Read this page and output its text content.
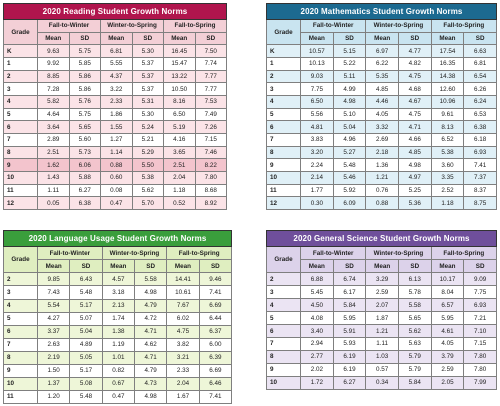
2020 Reading Student Growth Norms						
Grade	Fall-to-Winter		Winter-to-Spring		Fall-to-Spring	
	Mean	SD	Mean	SD	Mean	SD
K	9.63	5.75	6.81	5.30	16.45	7.50
1	9.92	5.85	5.55	5.37	15.47	7.74
2	8.85	5.86	4.37	5.37	13.22	7.77
3	7.28	5.86	3.22	5.37	10.50	7.77
4	5.82	5.76	2.33	5.31	8.16	7.53
5	4.64	5.75	1.86	5.30	6.50	7.49
6	3.64	5.65	1.55	5.24	5.19	7.26
7	2.89	5.60	1.27	5.21	4.16	7.15
8	2.51	5.73	1.14	5.29	3.65	7.46
9	1.62	6.06	0.88	5.50	2.51	8.22
10	1.43	5.88	0.60	5.38	2.04	7.80
11	1.11	6.27	0.08	5.62	1.18	8.68
12	0.05	6.38	0.47	5.70	0.52	8.92
2020 Mathematics Student Growth Norms						
Grade	Fall-to-Winter		Winter-to-Spring		Fall-to-Spring	
	Mean	SD	Mean	SD	Mean	SD
K	10.57	5.15	6.97	4.77	17.54	6.63
1	10.13	5.22	6.22	4.82	16.35	6.81
2	9.03	5.11	5.35	4.75	14.38	6.54
3	7.75	4.99	4.85	4.68	12.60	6.26
4	6.50	4.98	4.46	4.67	10.96	6.24
5	5.56	5.10	4.05	4.75	9.61	6.53
6	4.81	5.04	3.32	4.71	8.13	6.38
7	3.83	4.96	2.69	4.66	6.52	6.18
8	3.20	5.27	2.18	4.85	5.38	6.93
9	2.24	5.48	1.36	4.98	3.60	7.41
10	2.14	5.46	1.21	4.97	3.35	7.37
11	1.77	5.92	0.76	5.25	2.52	8.37
12	0.30	6.09	0.88	5.36	1.18	8.75
2020 Language Usage Student Growth Norms						
Grade	Fall-to-Winter		Winter-to-Spring		Fall-to-Spring	
	Mean	SD	Mean	SD	Mean	SD
2	9.85	6.43	4.57	5.58	14.41	9.46
3	7.43	5.48	3.18	4.98	10.61	7.41
4	5.54	5.17	2.13	4.79	7.67	6.69
5	4.27	5.07	1.74	4.72	6.02	6.44
6	3.37	5.04	1.38	4.71	4.75	6.37
7	2.63	4.89	1.19	4.62	3.82	6.00
8	2.19	5.05	1.01	4.71	3.21	6.39
9	1.50	5.17	0.82	4.79	2.33	6.69
10	1.37	5.08	0.67	4.73	2.04	6.46
11	1.20	5.48	0.47	4.98	1.67	7.41
2020 General Science Student Growth Norms						
Grade	Fall-to-Winter		Winter-to-Spring		Fall-to-Spring	
	Mean	SD	Mean	SD	Mean	SD
2	6.88	6.74	3.29	6.13	10.17	9.09
3	5.45	6.17	2.59	5.78	8.04	7.75
4	4.50	5.84	2.07	5.58	6.57	6.93
5	4.08	5.95	1.87	5.65	5.95	7.21
6	3.40	5.91	1.21	5.62	4.61	7.10
7	2.94	5.93	1.11	5.63	4.05	7.15
8	2.77	6.19	1.03	5.79	3.79	7.80
9	2.02	6.19	0.57	5.79	2.59	7.80
10	1.72	6.27	0.34	5.84	2.05	7.99
